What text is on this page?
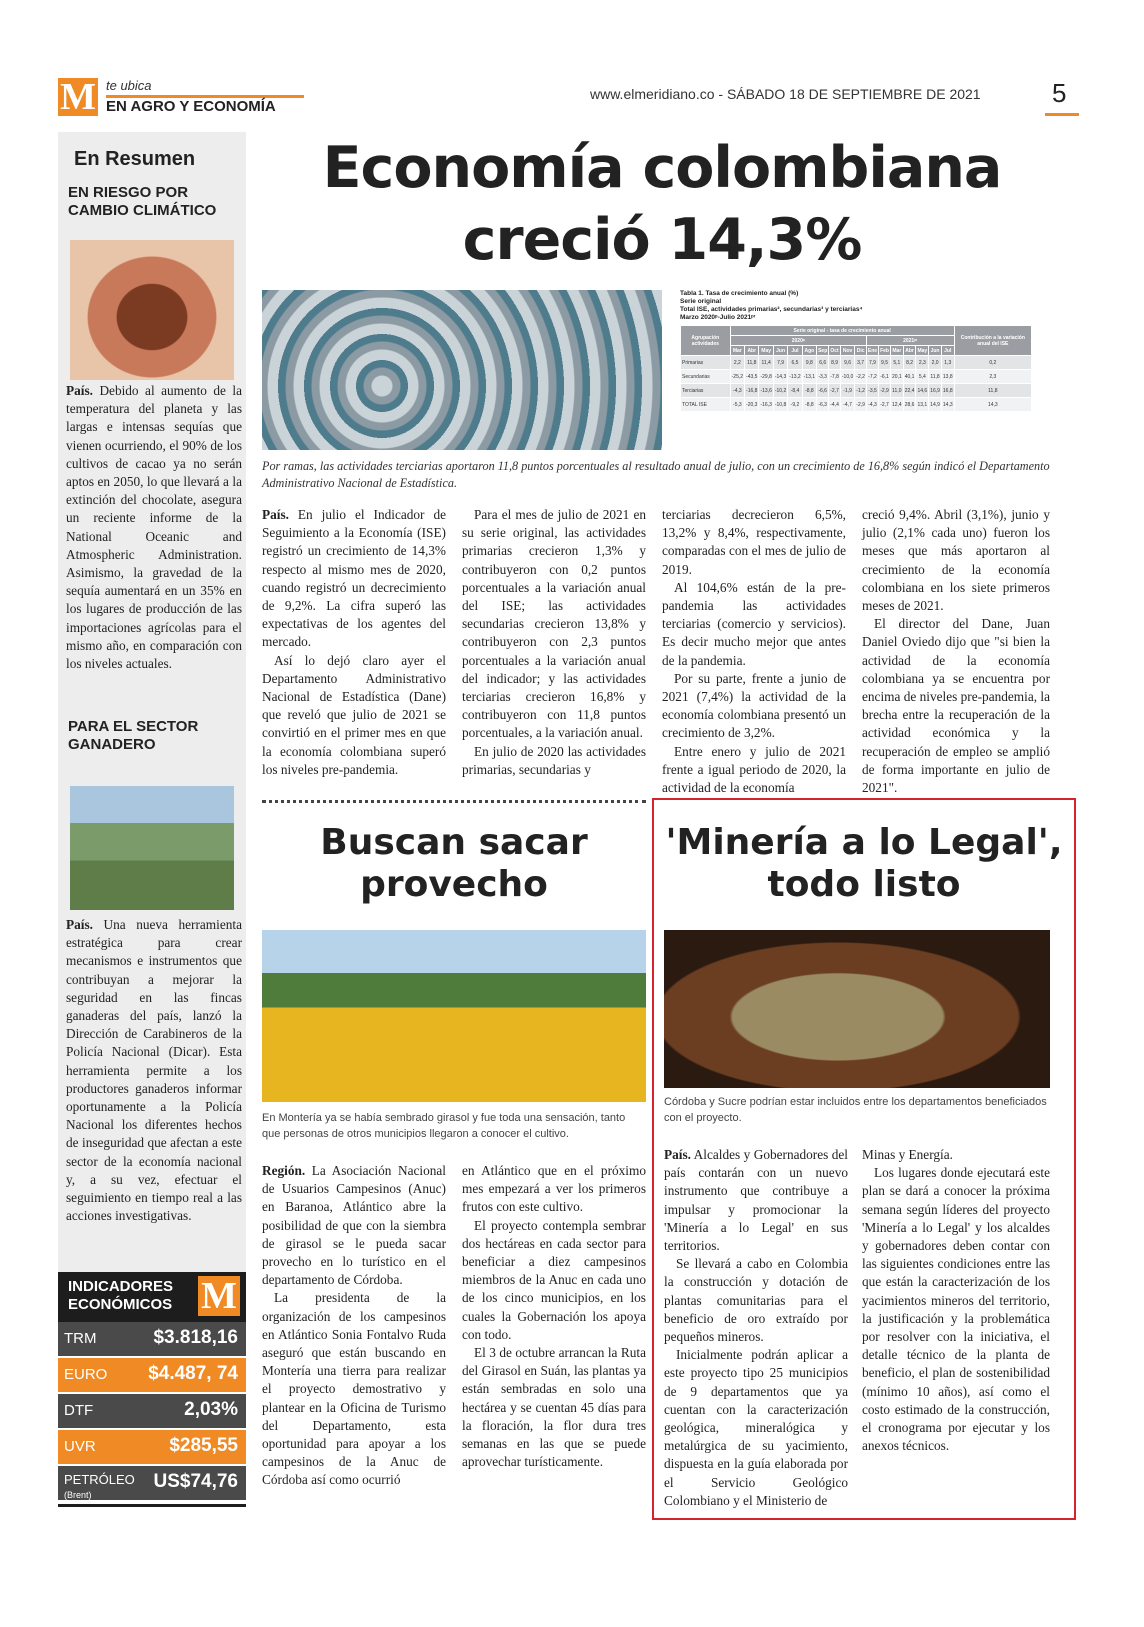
M te ubica
EN AGRO Y ECONOMÍA
www.elmeridiano.co - SÁBADO 18 DE SEPTIEMBRE DE 2021	5
En Resumen
EN RIESGO POR CAMBIO CLIMÁTICO
País. Debido al aumento de la temperatura del planeta y las largas e intensas sequías que vienen ocurriendo, el 90% de los cultivos de cacao ya no serán aptos en 2050, lo que llevará a la extinción del chocolate, asegura un reciente informe de la National Oceanic and Atmospheric Administration. Asimismo, la gravedad de la sequía aumentará en un 35% en los lugares de producción de las importaciones agrícolas para el mismo año, en comparación con los niveles actuales.
PARA EL SECTOR GANADERO
País. Una nueva herramienta estratégica para crear mecanismos e instrumentos que contribuyan a mejorar la seguridad en las fincas ganaderas del país, lanzó la Dirección de Carabineros de la Policía Nacional (Dicar). Esta herramienta permite a los productores ganaderos informar oportunamente a la Policía Nacional los diferentes hechos de inseguridad que afectan a este sector de la economía nacional y, a su vez, efectuar el seguimiento en tiempo real a las acciones investigativas.
INDICADORES ECONÓMICOS M
TRM	$3.818,16
EURO $4.487, 74
DTF	2,03%
UVR	$285,55
PETRÓLEO
(Brent)
US$74,76
Economía colombiana creció 14,3%
Tabla 1. Tasa de crecimiento anual (%)
Serie original
Total ISE, actividades primarias², secundarias³ y terciarias⁴
Marzo 2020ᵖ-Julio 2021ᵖʳ
Agrupación actividades	Serie original - tasa de crecimiento anual																	Contribución a la variación anual del ISE
	2020ᵖ										2021ᵖʳ							
	Mar	Abr	May	Jun	Jul	Ago	Sep	Oct	Nov	Dic	Ene	Feb	Mar	Abr	May	Jun	Jul	
Primarias	2,2	11,8	11,4	7,9	6,5	9,8	6,6	8,9	9,6	3,7	7,9	9,5	5,1	8,2	2,3	2,0	1,3	0,2
Secundarias	-25,2	-43,5	-29,8	-14,3	-13,2	-13,1	-3,3	-7,8	-10,0	-2,2	-7,2	-6,1	20,1	40,1	5,4	11,8	13,8	2,3
Terciarias	-4,3	-16,8	-13,6	-10,2	-8,4	-8,8	-6,6	-2,7	-1,9	-1,2	-3,5	-2,9	11,0	22,4	14,6	16,9	16,8	11,8
TOTAL ISE	-5,3	-20,3	-16,3	-10,8	-9,2	-8,8	-6,3	-4,4	-4,7	-2,9	-4,3	-2,7	12,4	28,6	13,1	14,9	14,3	14,3
Por ramas, las actividades terciarias aportaron 11,8 puntos porcentuales al resultado anual de julio, con un crecimiento de 16,8% según indicó el Departamento Administrativo Nacional de Estadística.

País. En julio el Indicador de Seguimiento a la Economía (ISE) registró un crecimiento de 14,3% respecto al mismo mes de 2020, cuando registró un decrecimiento de 9,2%. La cifra superó las expectativas de los agentes del mercado.

Así lo dejó claro ayer el Departamento Administrativo Nacional de Estadística (Dane) que reveló que julio de 2021 se convirtió en el primer mes en que la economía colombiana superó los niveles pre-pandemia.

Para el mes de julio de 2021 en su serie original, las actividades primarias crecieron 1,3% y contribuyeron con 0,2 puntos porcentuales a la variación anual del ISE; las actividades secundarias crecieron 13,8% y contribuyeron con 2,3 puntos porcentuales a la variación anual del indicador; y las actividades terciarias crecieron 16,8% y contribuyeron con 11,8 puntos porcentuales, a la variación anual.

En julio de 2020 las actividades primarias, secundarias y

terciarias decrecieron 6,5%, 13,2% y 8,4%, respectivamente, comparadas con el mes de julio de 2019.

Al 104,6% están de la pre-pandemia las actividades terciarias (comercio y servicios). Es decir mucho mejor que antes de la pandemia.

Por su parte, frente a junio de 2021 (7,4%) la actividad de la economía colombiana presentó un crecimiento de 3,2%.

Entre enero y julio de 2021 frente a igual periodo de 2020, la actividad de la economía

creció 9,4%. Abril (3,1%), junio y julio (2,1% cada uno) fueron los meses que más aportaron al crecimiento de la economía colombiana en los siete primeros meses de 2021.

El director del Dane, Juan Daniel Oviedo dijo que "si bien la actividad de la economía colombiana ya se encuentra por encima de niveles pre-pandemia, la brecha entre la recuperación de la actividad económica y la recuperación de empleo se amplió de forma importante en julio de 2021".

Buscan sacar provecho
En Montería ya se había sembrado girasol y fue toda una sensación, tanto que personas de otros municipios llegaron a conocer el cultivo.

Región. La Asociación Nacional de Usuarios Campesinos (Anuc) en Baranoa, Atlántico abre la posibilidad de que con la siembra de girasol se le pueda sacar provecho en lo turístico en el departamento de Córdoba.

La presidenta de la organización de los campesinos en Atlántico Sonia Fontalvo Ruda aseguró que están buscando en Montería una tierra para realizar el proyecto demostrativo y plantear en la Oficina de Turismo del Departamento, esta oportunidad para apoyar a los campesinos de la Anuc de Córdoba así como ocurrió

en Atlántico que en el próximo mes empezará a ver los primeros frutos con este cultivo.

El proyecto contempla sembrar dos hectáreas en cada sector para beneficiar a diez campesinos miembros de la Anuc en cada uno de los cinco municipios, en los cuales la Gobernación los apoya con todo.

El 3 de octubre arrancan la Ruta del Girasol en Suán, las plantas ya están sembradas en solo una hectárea y se cuentan 45 días para la floración, la flor dura tres semanas en las que se puede aprovechar turísticamente.

'Minería a lo Legal', todo listo
Córdoba y Sucre podrían estar incluidos entre los departamentos beneficiados con el proyecto.

País. Alcaldes y Gobernadores del país contarán con un nuevo instrumento que contribuye a impulsar y promocionar la 'Minería a lo Legal' en sus territorios.

Se llevará a cabo en Colombia la construcción y dotación de plantas comunitarias para el beneficio de oro extraído por pequeños mineros.

Inicialmente podrán aplicar a este proyecto tipo 25 municipios de 9 departamentos que ya cuentan con la caracterización geológica, mineralógica y metalúrgica de su yacimiento, dispuesta en la guía elaborada por el Servicio Geológico Colombiano y el Ministerio de

Minas y Energía.

Los lugares donde ejecutará este plan se dará a conocer la próxima semana según líderes del proyecto 'Minería a lo Legal' y los alcaldes y gobernadores deben contar con las siguientes condiciones entre las que están la caracterización de los yacimientos mineros del territorio, la justificación y la problemática por resolver con la iniciativa, el detalle técnico de la planta de beneficio, el plan de sostenibilidad (mínimo 10 años), así como el costo estimado de la construcción, el cronograma por ejecutar y los anexos técnicos.
